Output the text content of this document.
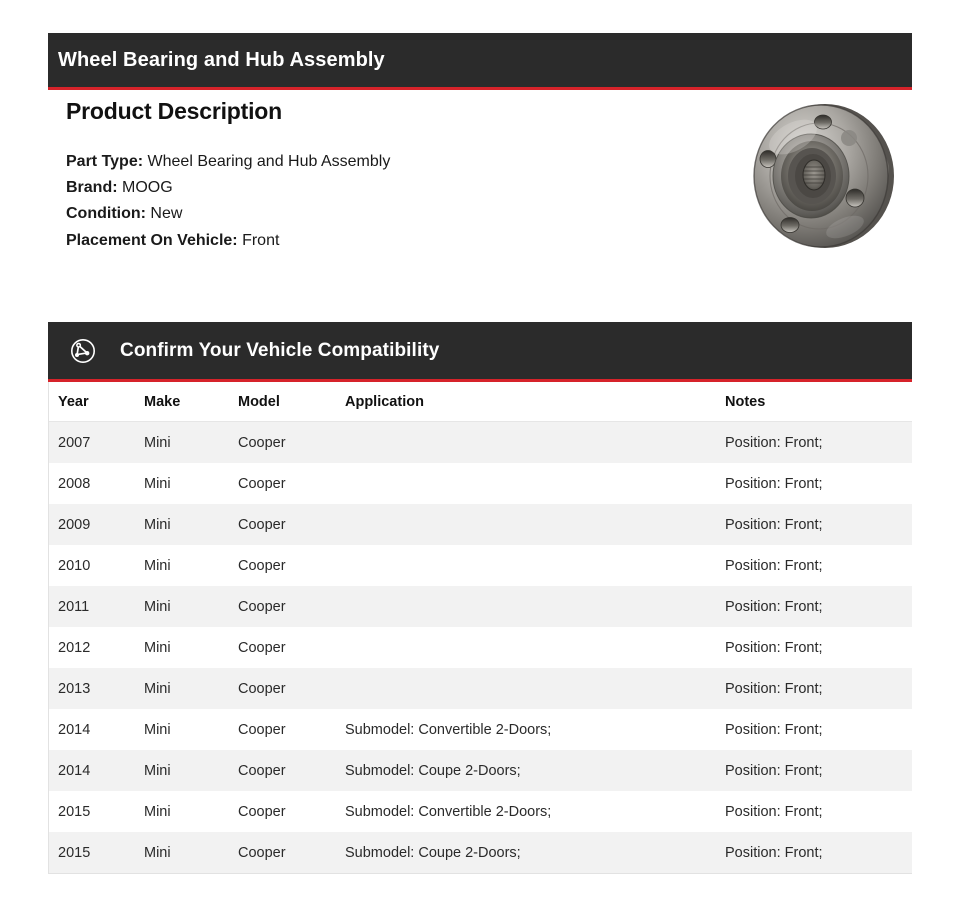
Wheel Bearing and Hub Assembly
Product Description
Part Type: Wheel Bearing and Hub Assembly
Brand: MOOG
Condition: New
Placement On Vehicle: Front
Confirm Your Vehicle Compatibility
Year	Make	Model	Application	Notes
2007	Mini	Cooper		Position: Front;
2008	Mini	Cooper		Position: Front;
2009	Mini	Cooper		Position: Front;
2010	Mini	Cooper		Position: Front;
2011	Mini	Cooper		Position: Front;
2012	Mini	Cooper		Position: Front;
2013	Mini	Cooper		Position: Front;
2014	Mini	Cooper	Submodel: Convertible 2-Doors;	Position: Front;
2014	Mini	Cooper	Submodel: Coupe 2-Doors;	Position: Front;
2015	Mini	Cooper	Submodel: Convertible 2-Doors;	Position: Front;
2015	Mini	Cooper	Submodel: Coupe 2-Doors;	Position: Front;
